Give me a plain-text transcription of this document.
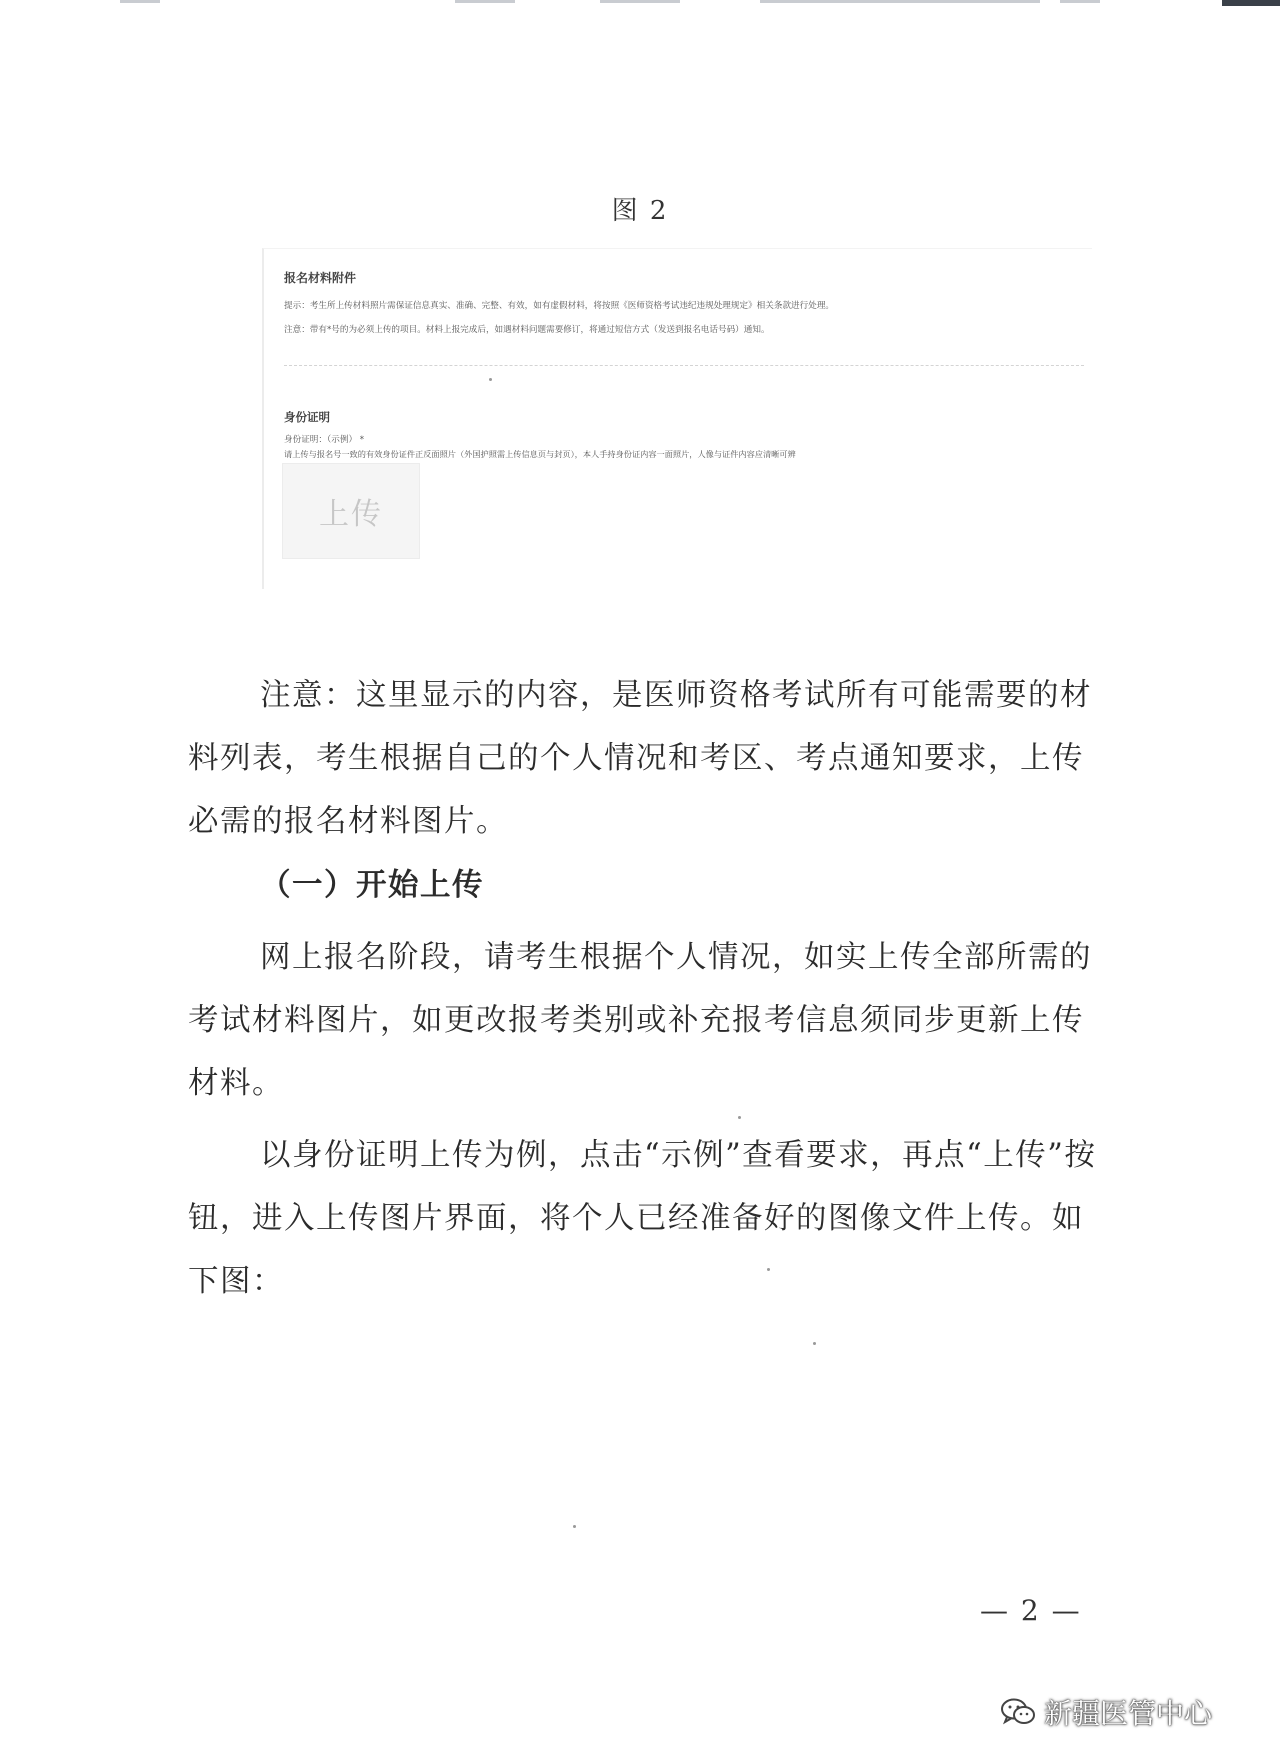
图 2
报名材料附件
提示：考生所上传材料照片需保证信息真实、准确、完整、有效，如有虚假材料，将按照《医师资格考试违纪违规处理规定》相关条款进行处理。
注意：带有*号的为必须上传的项目。材料上报完成后，如遇材料问题需要修订，将通过短信方式（发送到报名电话号码）通知。
身份证明
身份证明：（示例） *
请上传与报名号一致的有效身份证件正反面照片（外国护照需上传信息页与封页），本人手持身份证内容一面照片，人像与证件内容应清晰可辨
上传

注意：这里显示的内容，是医师资格考试所有可能需要的材料列表，考生根据自己的个人情况和考区、考点通知要求，上传必需的报名材料图片。

（一）开始上传

网上报名阶段，请考生根据个人情况，如实上传全部所需的考试材料图片，如更改报考类别或补充报考信息须同步更新上传材料。

以身份证明上传为例，点击“示例”查看要求，再点“上传”按钮，进入上传图片界面，将个人已经准备好的图像文件上传。如下图：

— 2 —
新疆医管中心
